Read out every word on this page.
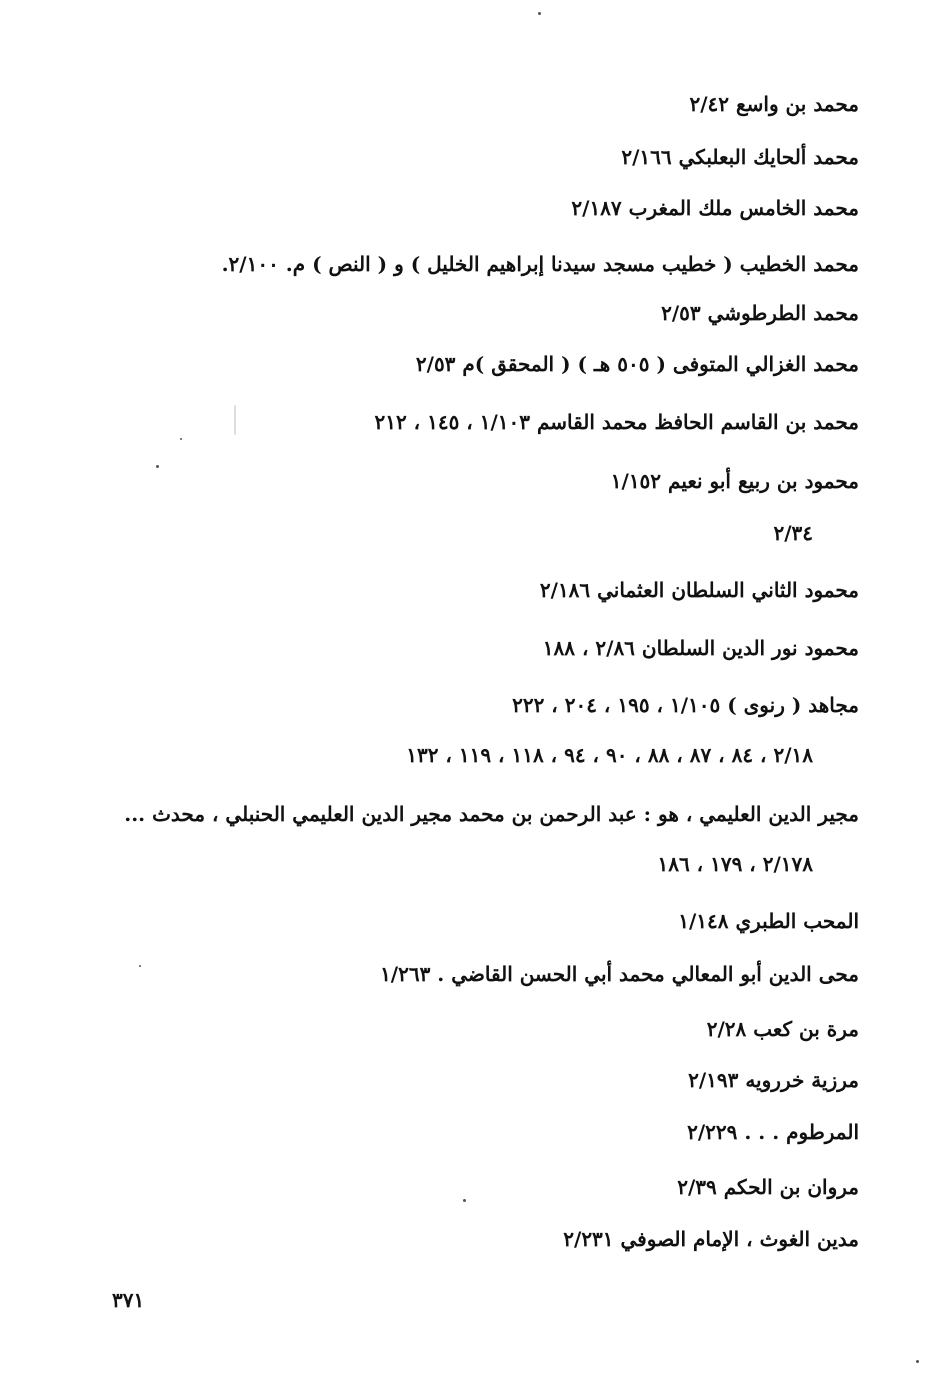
محمد بن واسع ٢/٤٢
محمد ألحايك البعلبكي ٢/١٦٦
محمد الخامس ملك المغرب ٢/١٨٧
محمد الخطيب ( خطيب مسجد سيدنا إبراهيم الخليل ) و ( النص ) م. ٢/١٠٠.
محمد الطرطوشي ٢/٥٣
محمد الغزالي المتوفى ( ٥٠٥ هـ ) ( المحقق )م ٢/٥٣
محمد بن القاسم الحافظ محمد القاسم ١/١٠٣ ، ١٤٥ ، ٢١٢
محمود بن ربيع أبو نعيم ١/١٥٢
٢/٣٤
محمود الثاني السلطان العثماني ٢/١٨٦
محمود نور الدين السلطان ٢/٨٦ ، ١٨٨
مجاهد ( رنوى ) ١/١٠٥ ، ١٩٥ ، ٢٠٤ ، ٢٢٢
٢/١٨ ، ٨٤ ، ٨٧ ، ٨٨ ، ٩٠ ، ٩٤ ، ١١٨ ، ١١٩ ، ١٣٢
مجير الدين العليمي ، هو : عبد الرحمن بن محمد مجير الدين العليمي الحنبلي ، محدث ...
٢/١٧٨ ، ١٧٩ ، ١٨٦
المحب الطبري ١/١٤٨
محى الدين أبو المعالي محمد أبي الحسن القاضي . ١/٢٦٣
مرة بن كعب ٢/٢٨
مرزية خررويه ٢/١٩٣
المرطوم . . . ٢/٢٢٩
مروان بن الحكم ٢/٣٩
مدين الغوث ، الإمام الصوفي ٢/٢٣١
٣٧١
